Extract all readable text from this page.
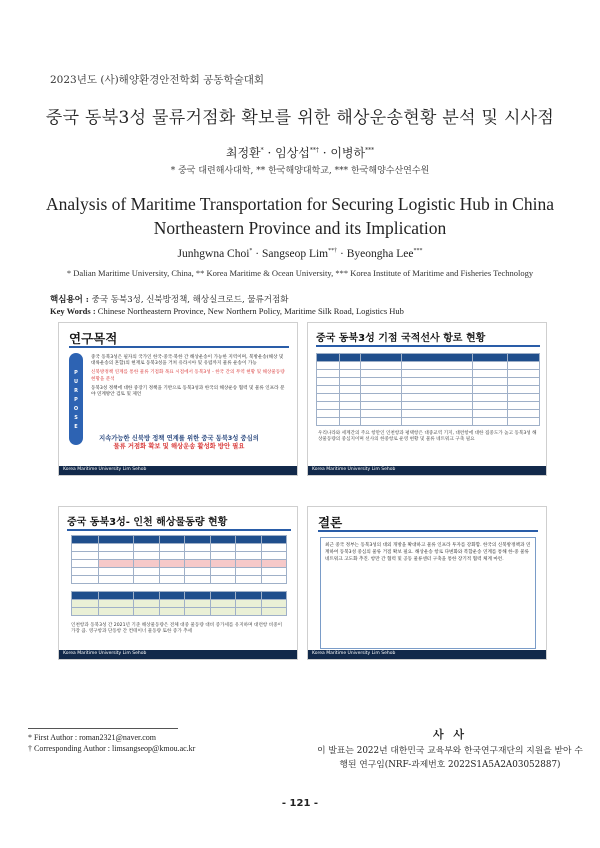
2023년도 (사)해양환경안전학회 공동학술대회
중국 동북3성 물류거점화 확보를 위한 해상운송현황 분석 및 시사점
최정환* · 임상섭**† · 이병하***
* 중국 대련해사대학, ** 한국해양대학교, *** 한국해양수산연수원
Analysis of Maritime Transportation for Securing Logistic Hub in China
Northeastern Province and its Implication
Junhgwna Choi* · Sangseop Lim**† · Byeongha Lee***
* Dalian Maritime University, China, ** Korea Maritime & Ocean University, *** Korea Institute of Maritime and Fisheries Technology
핵심용어 : 중국 동북3성, 신북방정책, 해상실크로드, 물류거점화
Key Words : Chinese Northeastern Province, New Northern Policy, Maritime Silk Road, Logistics Hub
연구목적
P
U
R
P
O
S
E

중국 동북3성은 필자의 국가인 한국·중국·북한 간 해상운송이 가능한 지역이며, 북방운송(해상 및 대륙운송의 혼합)의 현재로 동북3성을 거쳐 유라시아 및 유럽까지 물류 운송이 가능

신북방정책 연계를 통한 물류 기점화 목표 시점에서 동북3성 - 한국 간의 무역 현황 및 해상물동량 현황을 분석

동북3성 정책에 대한 중장기 정책을 기반으로 동북3성과 한국의 해상운송 협력 및 물류 인프라 분야 연계방안 검토 및 제언

지속가능한 신북방 정책 연계를 위한 중국 동북3성 중심의
물류 거점화 확보 및 해상운송 활성화 방안 필요
Korea Maritime University Lim Sehob
중국 동북3성 기점 국적선사 항로 현황
우리나라와 세계간의 주요 항만인 인천항과 평택항은 대중교역 기지, 대련항에 대한 집중도가 높고 동북3성 해상물동량의 중심지이며 선사의 한중항로 운영 현황 및 물류 네트워크 구축 필요
Korea Maritime University Lim Sehob
중국 동북3성- 인천 해상물동량 현황
인천항과 동북3성 간 2021년 기준 해상물동량은 전체 대중 물동량 대비 증가세를 유지하며 대련항 비중이 가장 큼. 영구항과 단동항 간 컨테이너 물동량 또한 증가 추세
Korea Maritime University Lim Sehob
결론
최근 중국 정부는 동북3성의 대외 개방을 확대하고 물류 인프라 투자를 강화함. 한국의 신북방정책과 연계하여 동북3성 중심의 물류 거점 확보 필요. 해상운송 항로 다변화와 복합운송 연계를 통해 한-중 물류 네트워크 고도화 추진. 항만 간 협력 및 공동 물류센터 구축을 통한 장기적 협력 체계 마련.
Korea Maritime University Lim Sehob
* First Author : roman2321@naver.com
† Corresponding Author : limsangseop@kmou.ac.kr
사 사
이 발표는 2022년 대한민국 교육부와 한국연구재단의 지원을 받아 수행된 연구임(NRF-과제번호 2022S1A5A2A03052887)
- 121 -
